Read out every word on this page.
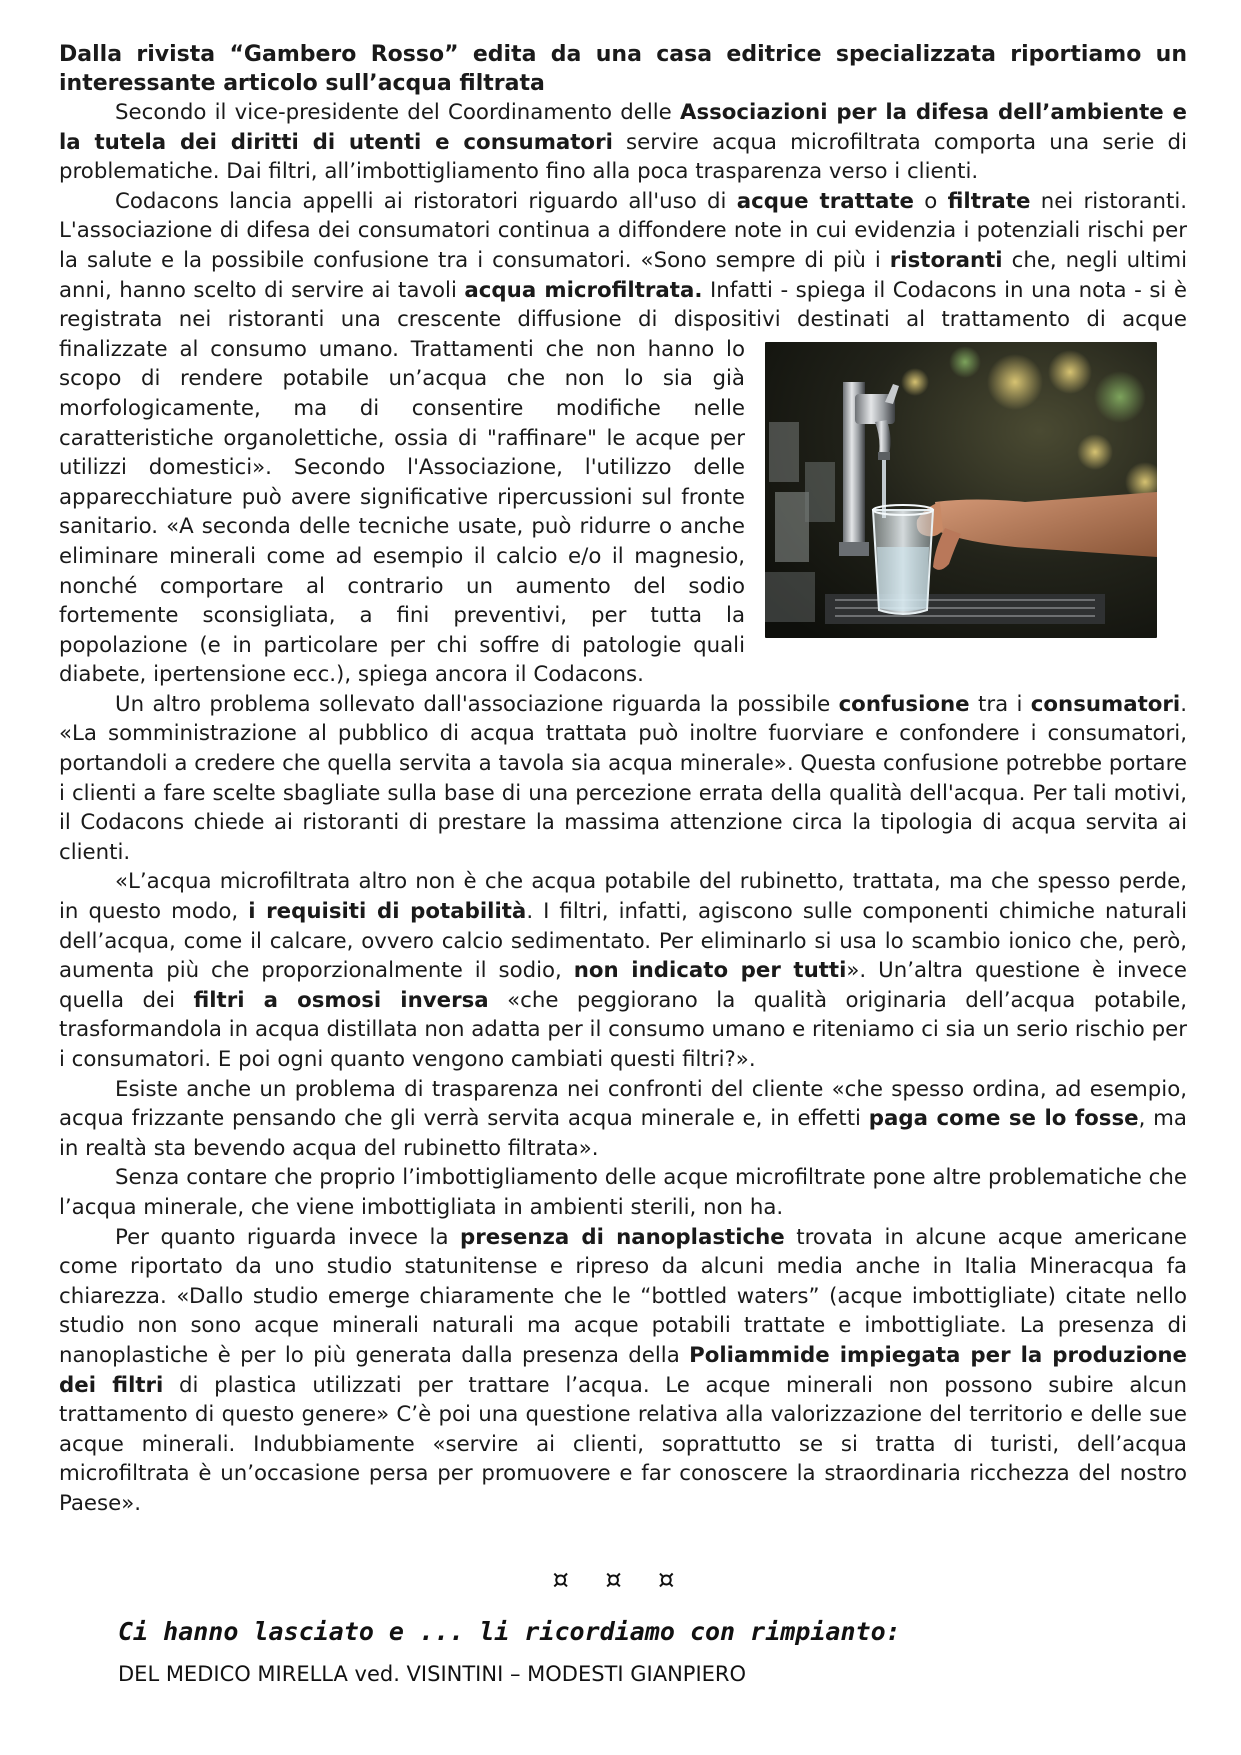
Dalla rivista “Gambero Rosso” edita da una casa editrice specializzata riportiamo un interessante articolo sull’acqua filtrata

Secondo il vice-presidente del Coordinamento delle Associazioni per la difesa dell’ambiente e la tutela dei diritti di utenti e consumatori servire acqua microfiltrata comporta una serie di problematiche. Dai filtri, all’imbottigliamento fino alla poca trasparenza verso i clienti.

Codacons lancia appelli ai ristoratori riguardo all'uso di acque trattate o filtrate nei ristoranti. L'associazione di difesa dei consumatori continua a diffondere note in cui evidenzia i potenziali rischi per la salute e la possibile confusione tra i consumatori. «Sono sempre di più i ristoranti che, negli ultimi anni, hanno scelto di servire ai tavoli acqua microfiltrata. Infatti - spiega il Codacons in una nota - si è registrata nei ristoranti una crescente diffusione di dispositivi destinati al trattamento di acque finalizzate al consumo umano.
Trattamenti che non hanno lo scopo di rendere potabile un’acqua che non lo sia già morfologicamente, ma di consentire modifiche nelle caratteristiche organolettiche, ossia di "raffinare" le acque per utilizzi domestici». Secondo l'Associazione, l'utilizzo delle apparecchiature può avere significative ripercussioni sul fronte sanitario. «A seconda delle tecniche usate, può ridurre o anche eliminare minerali come ad esempio il calcio e/o il magnesio, nonché comportare al contrario un aumento del sodio fortemente sconsigliata, a fini preventivi, per tutta la popolazione (e in particolare per chi soffre di patologie quali diabete, ipertensione ecc.), spiega ancora il Codacons.

Un altro problema sollevato dall'associazione riguarda la possibile confusione tra i consumatori. «La somministrazione al pubblico di acqua trattata può inoltre fuorviare e confondere i consumatori, portandoli a credere che quella servita a tavola sia acqua minerale». Questa confusione potrebbe portare i clienti a fare scelte sbagliate sulla base di una percezione errata della qualità dell'acqua. Per tali motivi, il Codacons chiede ai ristoranti di prestare la massima attenzione circa la tipologia di acqua servita ai clienti.

«L’acqua microfiltrata altro non è che acqua potabile del rubinetto, trattata, ma che spesso perde, in questo modo, i requisiti di potabilità. I filtri, infatti, agiscono sulle componenti chimiche naturali dell’acqua, come il calcare, ovvero calcio sedimentato. Per eliminarlo si usa lo scambio ionico che, però, aumenta più che proporzionalmente il sodio, non indicato per tutti». Un’altra questione è invece quella dei filtri a osmosi inversa «che peggiorano la qualità originaria dell’acqua potabile, trasformandola in acqua distillata non adatta per il consumo umano e riteniamo ci sia un serio rischio per i consumatori. E poi ogni quanto vengono cambiati questi filtri?».

Esiste anche un problema di trasparenza nei confronti del cliente «che spesso ordina, ad esempio, acqua frizzante pensando che gli verrà servita acqua minerale e, in effetti paga come se lo fosse, ma in realtà sta bevendo acqua del rubinetto filtrata».

Senza contare che proprio l’imbottigliamento delle acque microfiltrate pone altre problematiche che l’acqua minerale, che viene imbottigliata in ambienti sterili, non ha.

Per quanto riguarda invece la presenza di nanoplastiche trovata in alcune acque americane come riportato da uno studio statunitense e ripreso da alcuni media anche in Italia Mineracqua fa chiarezza. «Dallo studio emerge chiaramente che le “bottled waters” (acque imbottigliate) citate nello studio non sono acque minerali naturali ma acque potabili trattate e imbottigliate. La presenza di nanoplastiche è per lo più generata dalla presenza della Poliammide impiegata per la produzione dei filtri di plastica utilizzati per trattare l’acqua. Le acque minerali non possono subire alcun trattamento di questo genere» C’è poi una questione relativa alla valorizzazione del territorio e delle sue acque minerali. Indubbiamente «servire ai clienti, soprattutto se si tratta di turisti, dell’acqua microfiltrata è un’occasione persa per promuovere e far conoscere la straordinaria ricchezza del nostro Paese».

¤ ¤ ¤

Ci hanno lasciato e ... li ricordiamo con rimpianto:

DEL MEDICO MIRELLA ved. VISINTINI – MODESTI GIANPIERO
